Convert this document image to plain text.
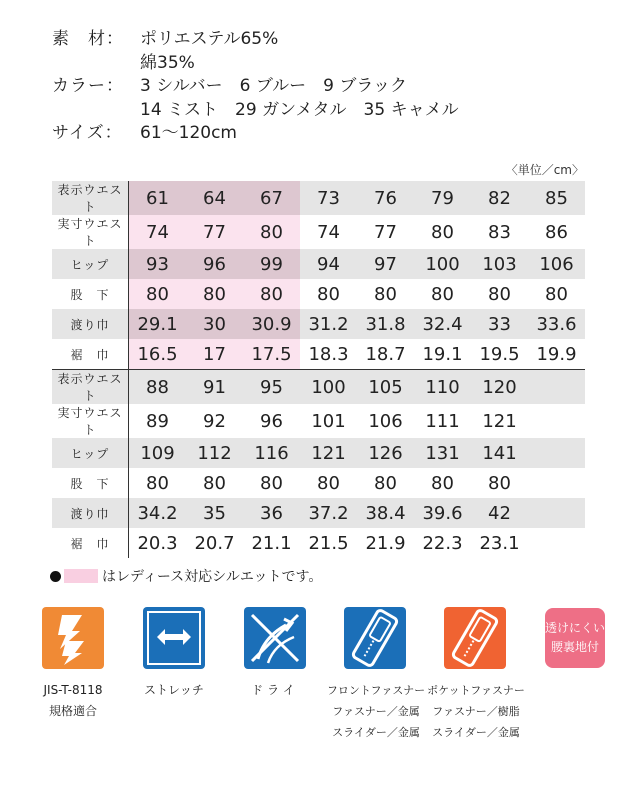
素　材： ポリエステル65%
綿35%
カラー： 3 シルバー　6 ブルー　9 ブラック
14 ミスト　29 ガンメタル　35 キャメル
サイズ：	61～120cm
〈単位／cm〉
表示ウエスト	61	64	67	73	76	79	82	85
実寸ウエスト	74	77	80	74	77	80	83	86
ヒップ	93	96	99	94	97	100	103	106
股　下	80	80	80	80	80	80	80	80
渡り巾	29.1	30	30.9	31.2	31.8	32.4	33	33.6
裾　巾	16.5	17	17.5	18.3	18.7	19.1	19.5	19.9
表示ウエスト	88	91	95	100	105	110	120	
実寸ウエスト	89	92	96	101	106	111	121	
ヒップ	109	112	116	121	126	131	141	
股　下	80	80	80	80	80	80	80	
渡り巾	34.2	35	36	37.2	38.4	39.6	42	
裾　巾	20.3	20.7	21.1	21.5	21.9	22.3	23.1	
はレディース対応シルエットです。
透けにくい
腰裏地付
JIS-T-8118
規格適合
ストレッチ	ドライ	フロントファスナー
ファスナー／金属
スライダー／金属
ポケットファスナー
ファスナー／樹脂
スライダー／金属
